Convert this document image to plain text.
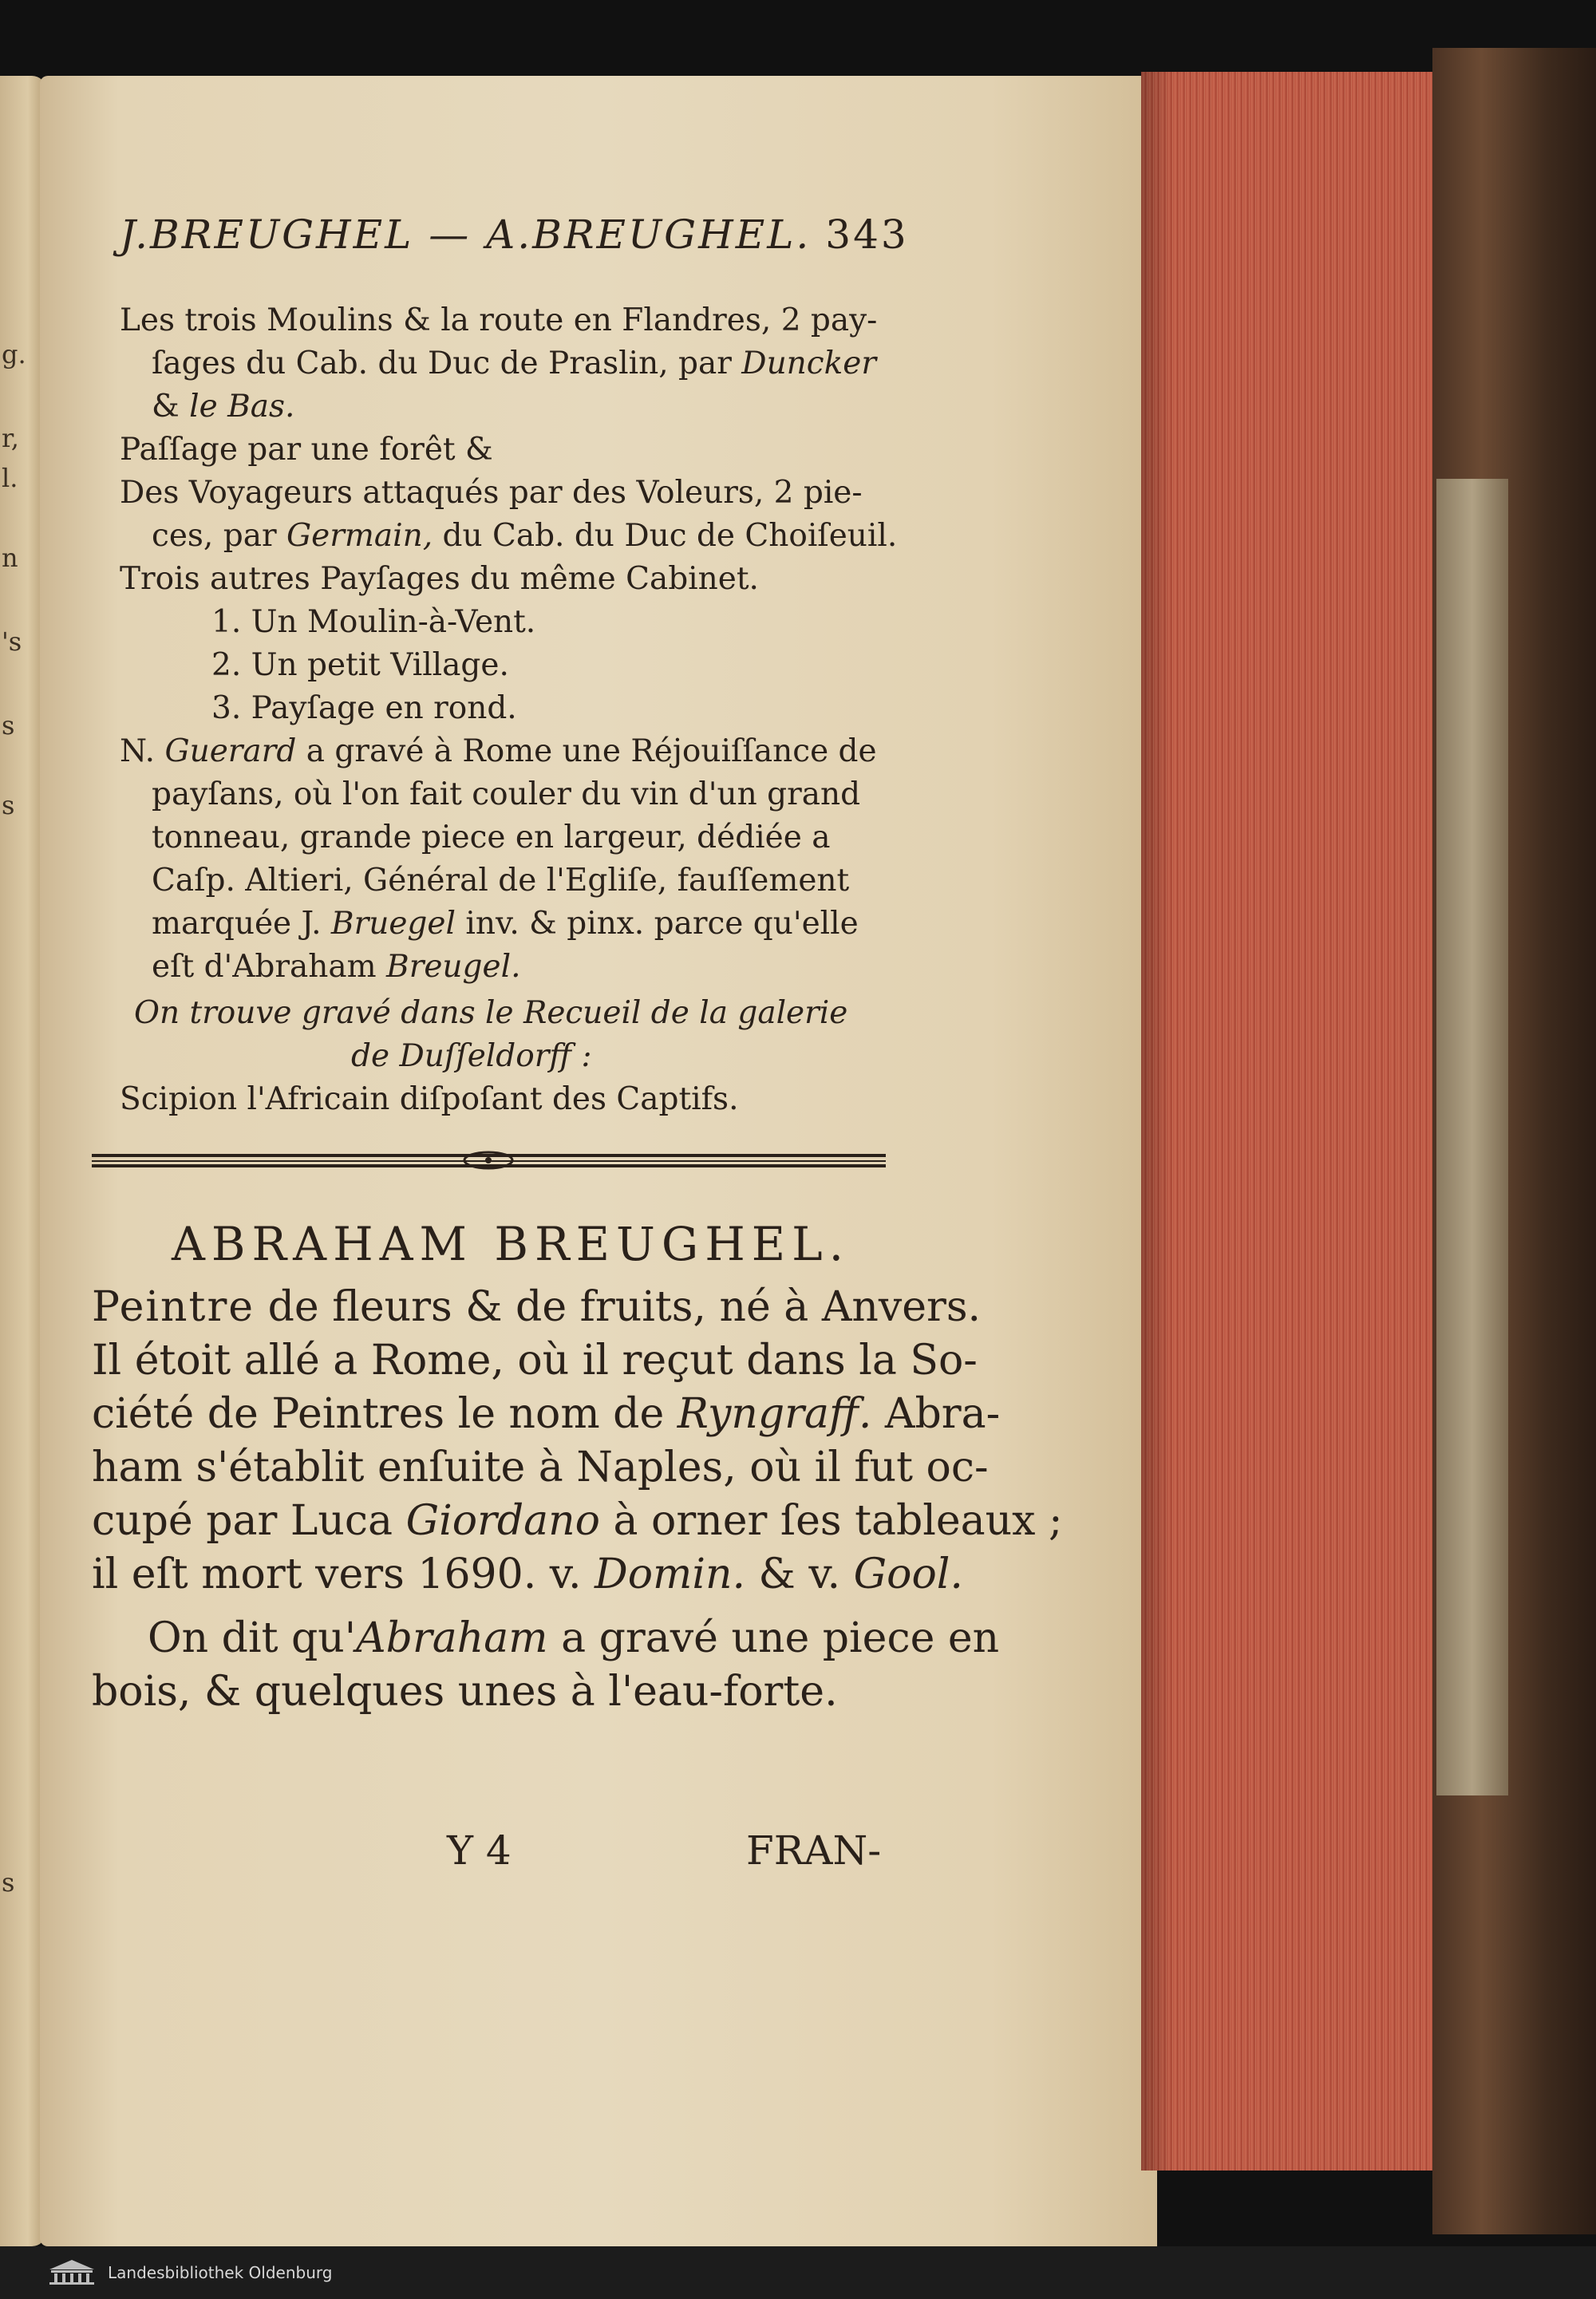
g.
r,
l.
n
's
s
s
s
J.BREUGHEL — A.BREUGHEL. 343
Les trois Moulins & la route en Flandres, 2 pay-
ſages du Cab. du Duc de Praslin, par Duncker
& le Bas.
Paſſage par une forêt &
Des Voyageurs attaqués par des Voleurs, 2 pie-
ces, par Germain, du Cab. du Duc de Choiſeuil.
Trois autres Payſages du même Cabinet.
1. Un Moulin-à-Vent.
2. Un petit Village.
3. Payſage en rond.
N. Guerard a gravé à Rome une Réjouiſſance de
payſans, où l'on fait couler du vin d'un grand
tonneau, grande piece en largeur, dédiée a
Caſp. Altieri, Général de l'Egliſe, fauſſement
marquée J. Bruegel inv. & pinx. parce qu'elle
eſt d'Abraham Breugel.
On trouve gravé dans le Recueil de la galerie
de Duſſeldorff :
Scipion l'Africain diſpoſant des Captifs.
ABRAHAM BREUGHEL.
Peintre de fleurs & de fruits, né à Anvers.
Il étoit allé a Rome, où il reçut dans la So-
ciété de Peintres le nom de Ryngraff. Abra-
ham s'établit enſuite à Naples, où il fut oc-
cupé par Luca Giordano à orner ſes tableaux ;
il eſt mort vers 1690. v. Domin. & v. Gool.
On dit qu'Abraham a gravé une piece en
bois, & quelques unes à l'eau-forte.
Y 4	FRAN-
Landesbibliothek Oldenburg
